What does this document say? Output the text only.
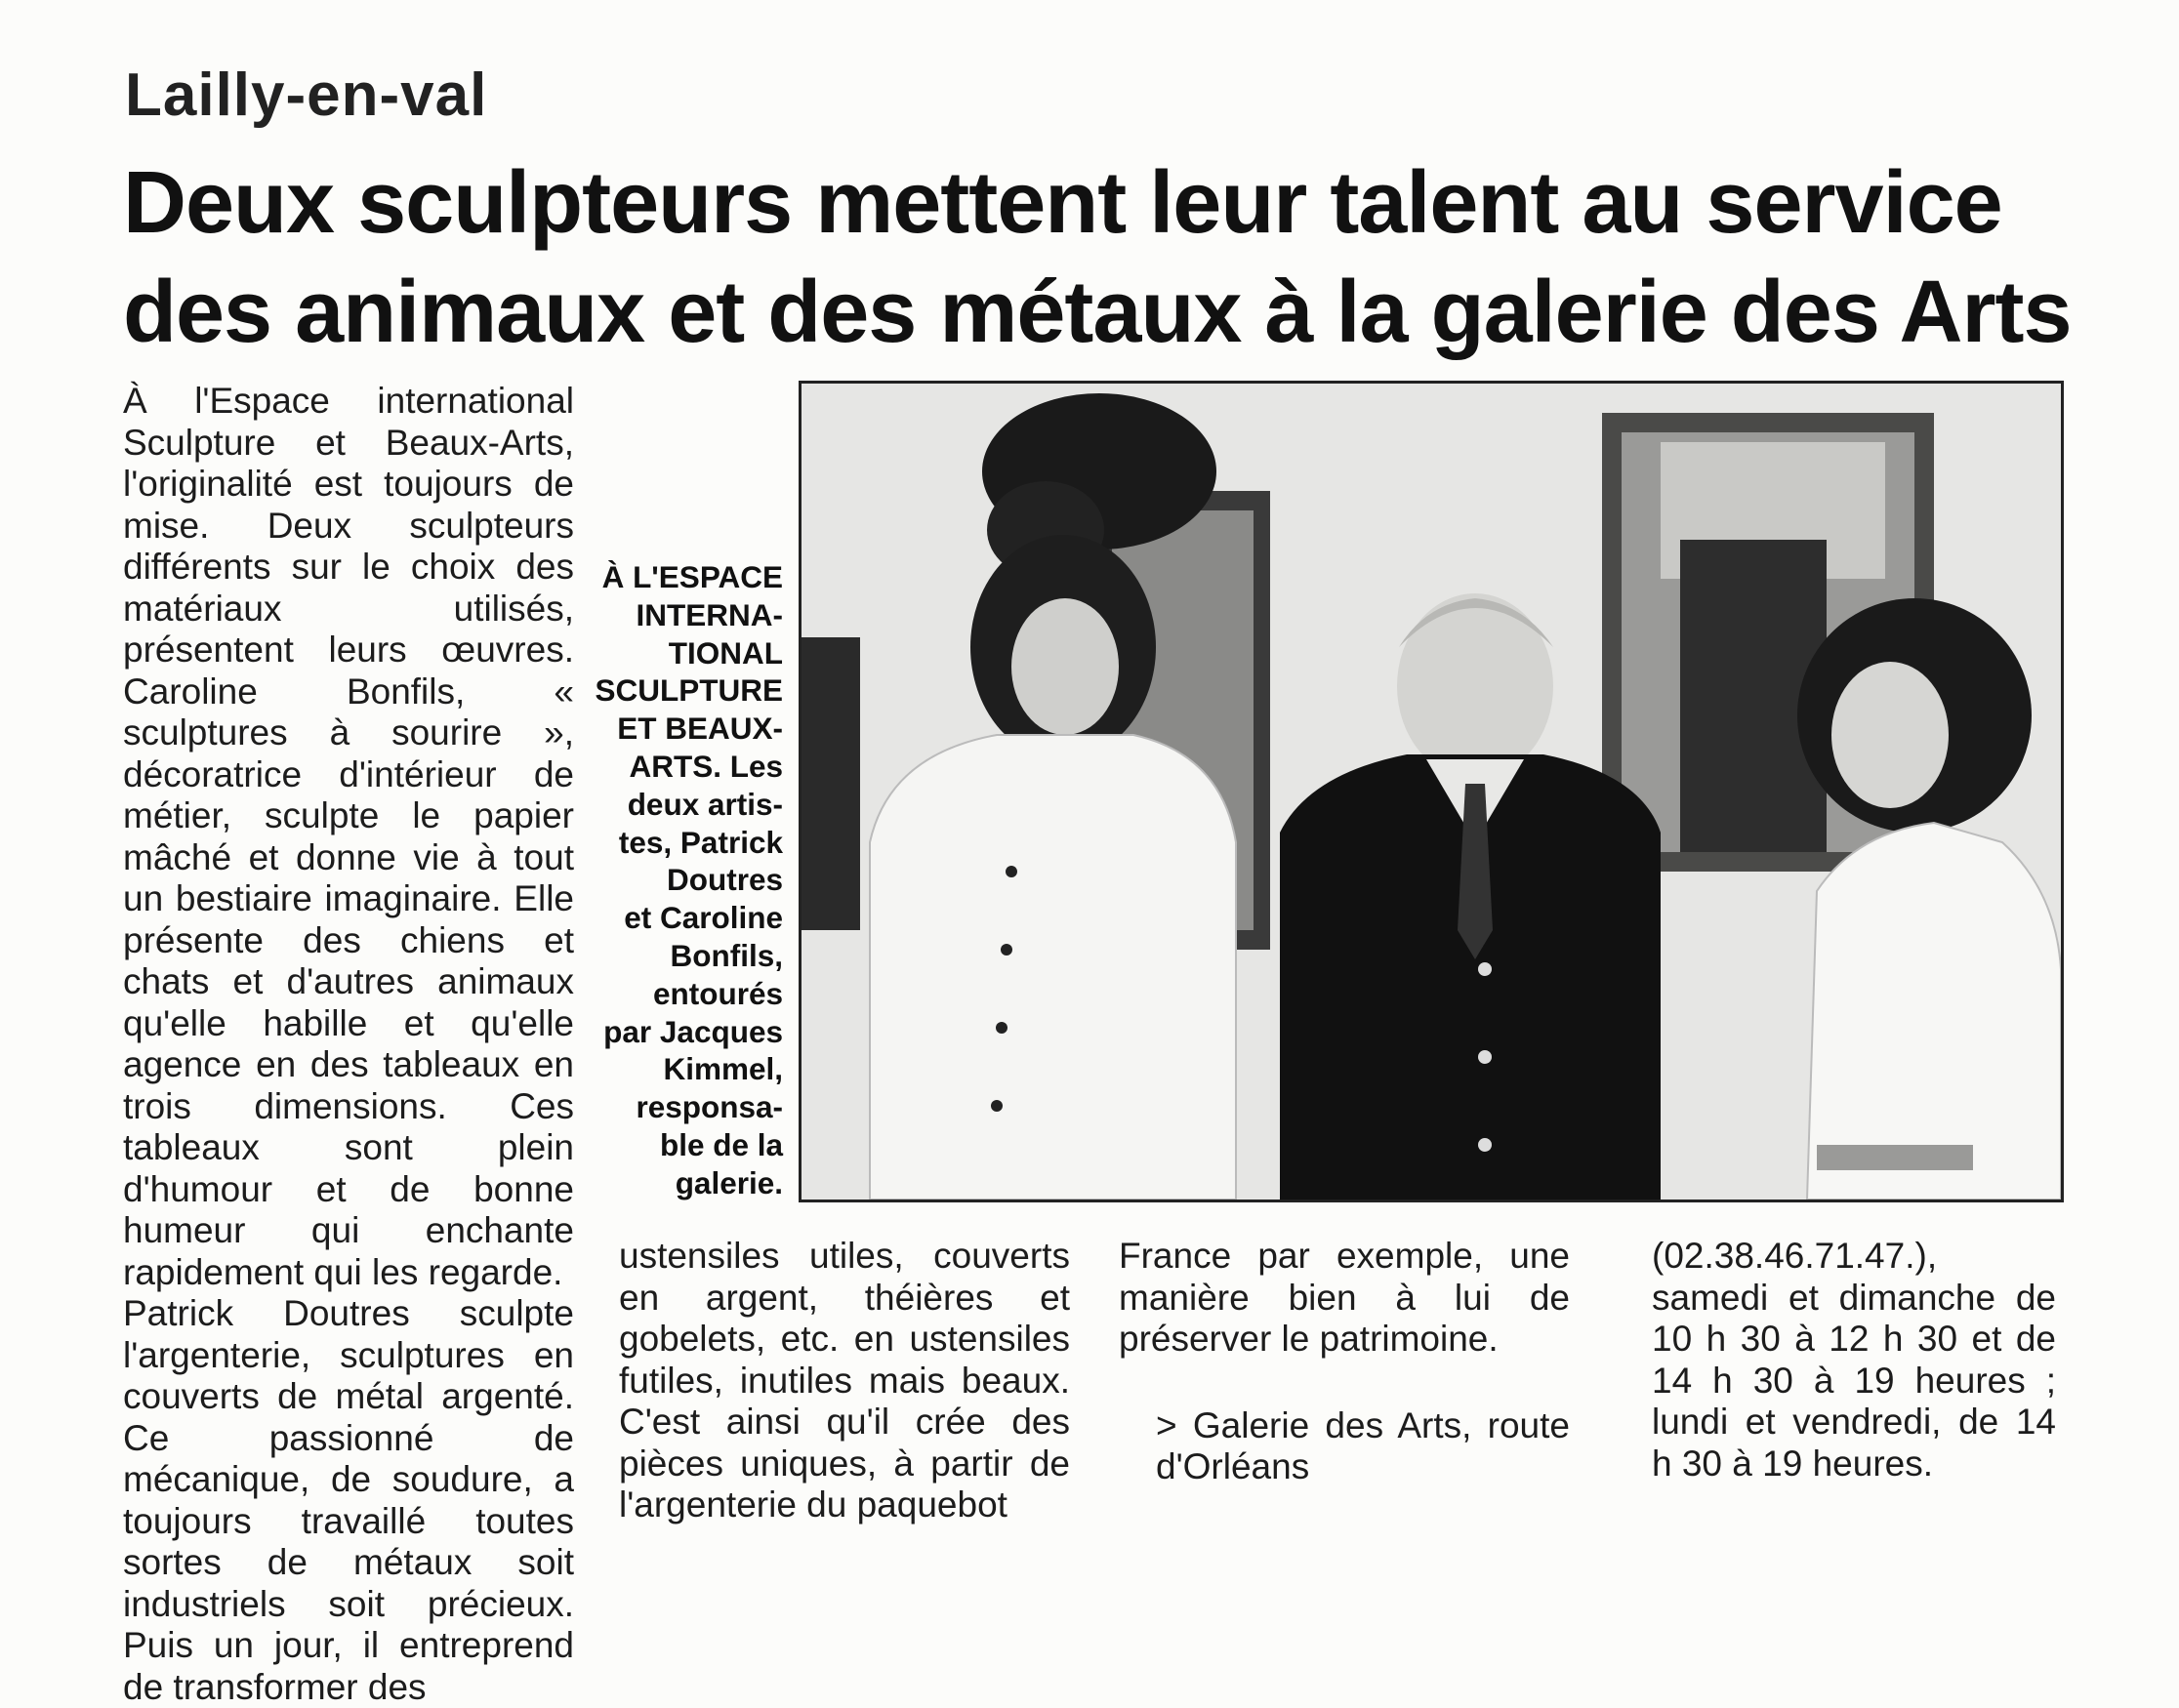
Lailly-en-val
Deux sculpteurs mettent leur talent au service
des animaux et des métaux à la galerie des Arts

À l'Espace international Sculpture et Beaux-Arts, l'originalité est toujours de mise. Deux sculpteurs différents sur le choix des matériaux utilisés, présentent leurs œuvres. Caroline Bonfils, « sculptures à sourire », décoratrice d'intérieur de métier, sculpte le papier mâché et donne vie à tout un bestiaire imaginaire. Elle présente des chiens et chats et d'autres animaux qu'elle habille et qu'elle agence en des tableaux en trois dimensions. Ces tableaux sont plein d'humour et de bonne humeur qui enchante rapidement qui les regarde.

Patrick Doutres sculpte l'argenterie, sculptures en couverts de métal argenté. Ce passionné de mécanique, de soudure, a toujours travaillé toutes sortes de métaux soit industriels soit précieux. Puis un jour, il entreprend de transformer des

À L'ESPACE
INTERNA-
TIONAL
SCULPTURE
ET BEAUX-
ARTS. Les
deux artis-
tes, Patrick
Doutres
et Caroline
Bonfils,
entourés
par Jacques
Kimmel,
responsa-
ble de la
galerie.

ustensiles utiles, couverts en argent, théières et gobelets, etc. en ustensiles futiles, inutiles mais beaux. C'est ainsi qu'il crée des pièces uniques, à partir de l'argenterie du paquebot

France par exemple, une manière bien à lui de préserver le patrimoine.

> Galerie des Arts, route d'Orléans

(02.38.46.71.47.), samedi et dimanche de 10 h 30 à 12 h 30 et de 14 h 30 à 19 heures ; lundi et vendredi, de 14 h 30 à 19 heures.
